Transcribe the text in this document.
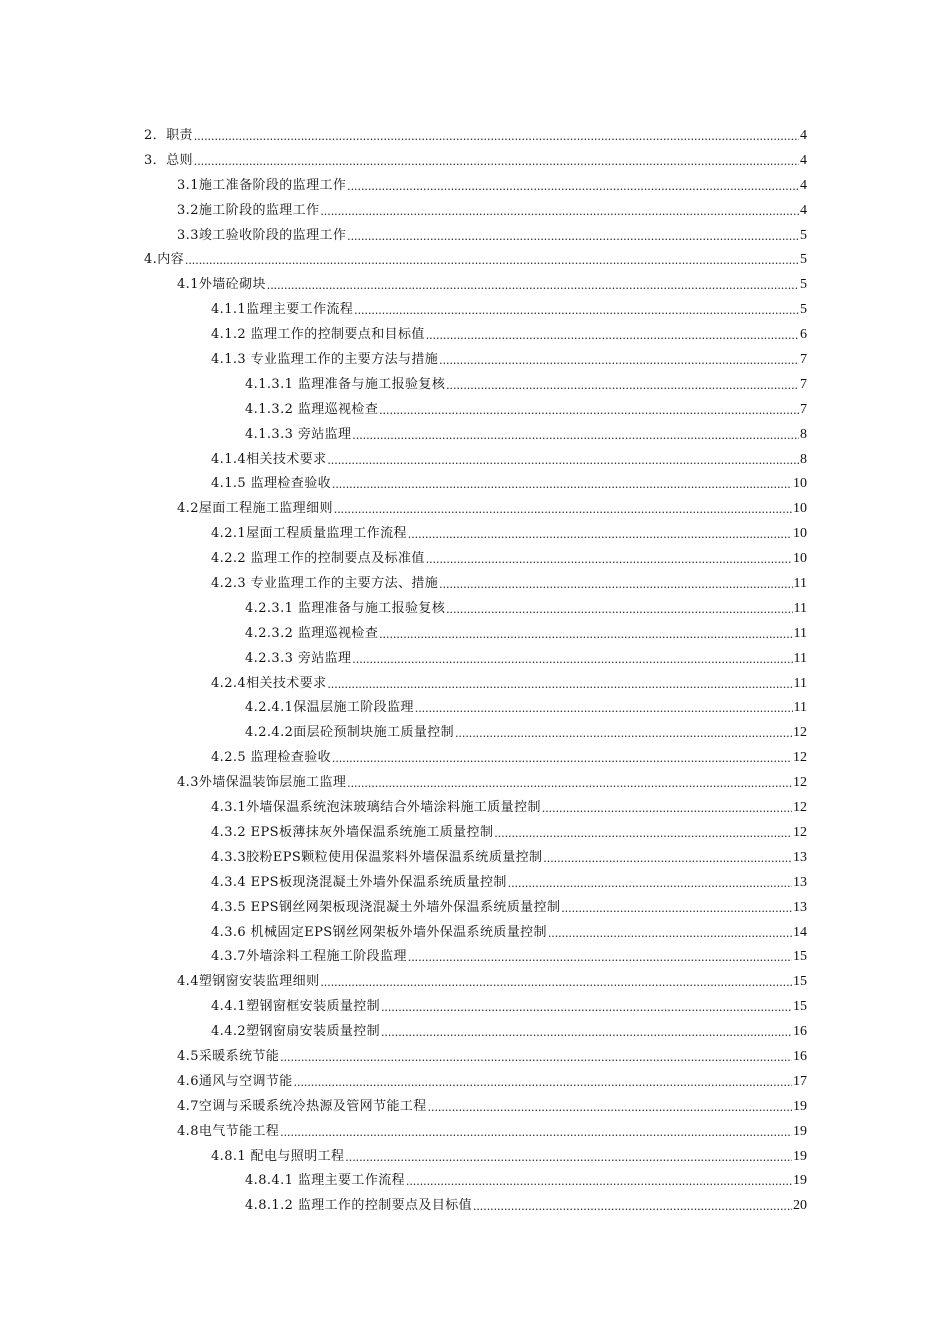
2．职责 .....	4
3．总则 .....	4
3.1施工准备阶段的监理工作 .....	4
3.2施工阶段的监理工作 .....	4
3.3竣工验收阶段的监理工作 .....	5
4.内容 .....	5
4.1外墙砼砌块 .....	5
4.1.1监理主要工作流程 .....	5
4.1.2 监理工作的控制要点和目标值 .....	6
4.1.3 专业监理工作的主要方法与措施 .....	7
4.1.3.1 监理准备与施工报验复核 .....	7
4.1.3.2 监理巡视检查 .....	7
4.1.3.3 旁站监理 .....	8
4.1.4相关技术要求 .....	8
4.1.5 监理检查验收 .....	10
4.2屋面工程施工监理细则 .....	10
4.2.1屋面工程质量监理工作流程 .....	10
4.2.2 监理工作的控制要点及标准值 .....	10
4.2.3 专业监理工作的主要方法、措施 .....	11
4.2.3.1 监理准备与施工报验复核 .....	11
4.2.3.2 监理巡视检查 .....	11
4.2.3.3 旁站监理 .....	11
4.2.4相关技术要求 .....	11
4.2.4.1保温层施工阶段监理 .....	11
4.2.4.2面层砼预制块施工质量控制 .....	12
4.2.5 监理检查验收 .....	12
4.3外墙保温装饰层施工监理 .....	12
4.3.1外墙保温系统泡沫玻璃结合外墙涂料施工质量控制 .....	12
4.3.2 EPS板薄抹灰外墙保温系统施工质量控制 .....	12
4.3.3胶粉EPS颗粒使用保温浆料外墙保温系统质量控制 .....	13
4.3.4 EPS板现浇混凝土外墙外保温系统质量控制 .....	13
4.3.5 EPS钢丝网架板现浇混凝土外墙外保温系统质量控制 .....	13
4.3.6 机械固定EPS钢丝网架板外墙外保温系统质量控制 .....	14
4.3.7外墙涂料工程施工阶段监理 .....	15
4.4塑钢窗安装监理细则 .....	15
4.4.1塑钢窗框安装质量控制 .....	15
4.4.2塑钢窗扇安装质量控制 .....	16
4.5采暖系统节能 .....	16
4.6通风与空调节能 .....	17
4.7空调与采暖系统冷热源及管网节能工程 .....	19
4.8电气节能工程 .....	19
4.8.1 配电与照明工程 .....	19
4.8.4.1 监理主要工作流程 .....	19
4.8.1.2 监理工作的控制要点及目标值 .....	20
